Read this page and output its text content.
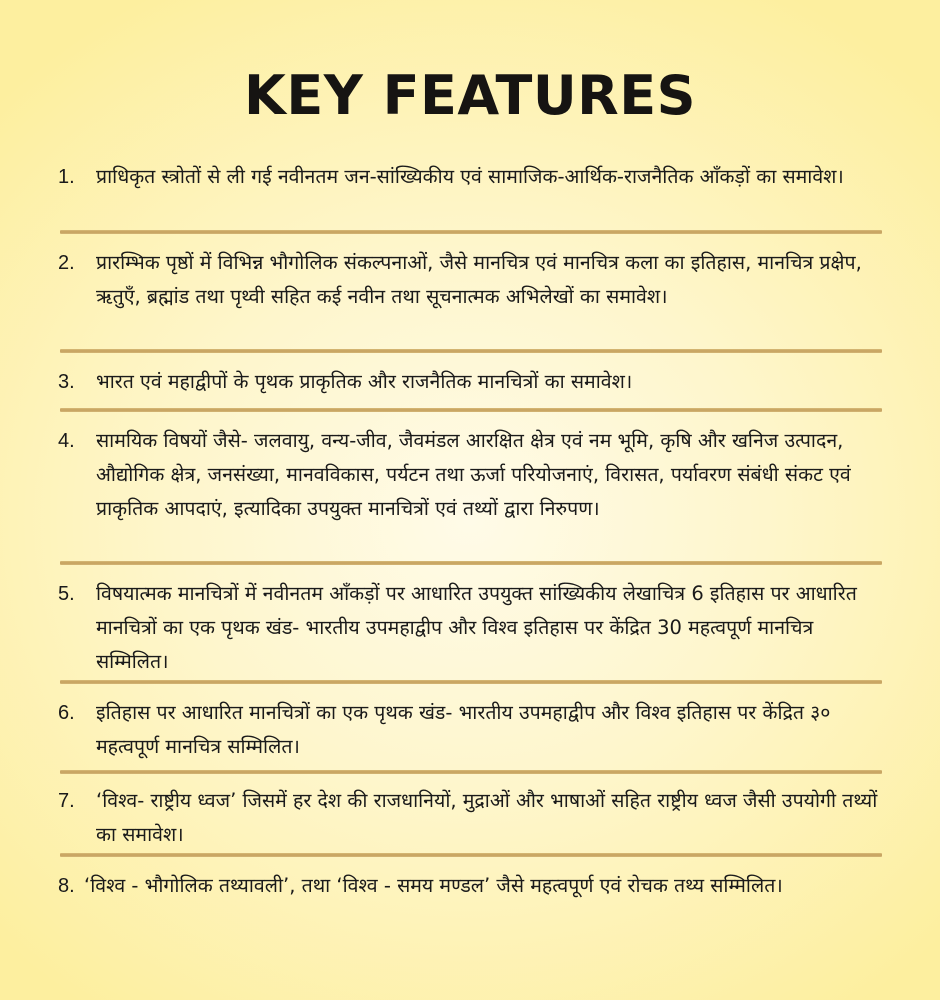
KEY FEATURES
1.	प्राधिकृत स्त्रोतों से ली गई नवीनतम जन-सांख्यिकीय एवं सामाजिक-आर्थिक-राजनैतिक आँकड़ों का समावेश।
2.	प्रारम्भिक पृष्ठों में विभिन्न भौगोलिक संकल्पनाओं, जैसे मानचित्र एवं मानचित्र कला का इतिहास, मानचित्र प्रक्षेप, ऋतुएँ, ब्रह्मांड तथा पृथ्वी सहित कई नवीन तथा सूचनात्मक अभिलेखों का समावेश।
3.	भारत एवं महाद्वीपों के पृथक प्राकृतिक और राजनैतिक मानचित्रों का समावेश।
4.	सामयिक विषयों जैसे- जलवायु, वन्य-जीव, जैवमंडल आरक्षित क्षेत्र एवं नम भूमि, कृषि और खनिज उत्पादन, औद्योगिक क्षेत्र, जनसंख्या, मानवविकास, पर्यटन तथा ऊर्जा परियोजनाएं, विरासत, पर्यावरण संबंधी संकट एवं प्राकृतिक आपदाएं, इत्यादिका उपयुक्त मानचित्रों एवं तथ्यों द्वारा निरुपण।
5.	विषयात्मक मानचित्रों में नवीनतम आँकड़ों पर आधारित उपयुक्त सांख्यिकीय लेखाचित्र 6 इतिहास पर आधारित मानचित्रों का एक पृथक खंड- भारतीय उपमहाद्वीप और विश्व इतिहास पर केंद्रित 30 महत्वपूर्ण मानचित्र सम्मिलित।
6.	इतिहास पर आधारित मानचित्रों का एक पृथक खंड- भारतीय उपमहाद्वीप और विश्व इतिहास पर केंद्रित ३० महत्वपूर्ण मानचित्र सम्मिलित।
7.	‘विश्व- राष्ट्रीय ध्वज’ जिसमें हर देश की राजधानियों, मुद्राओं और भाषाओं सहित राष्ट्रीय ध्वज जैसी उपयोगी तथ्यों का समावेश।
8. ‘विश्व - भौगोलिक तथ्यावली’, तथा ‘विश्व - समय मण्डल’ जैसे महत्वपूर्ण एवं रोचक तथ्य सम्मिलित।
